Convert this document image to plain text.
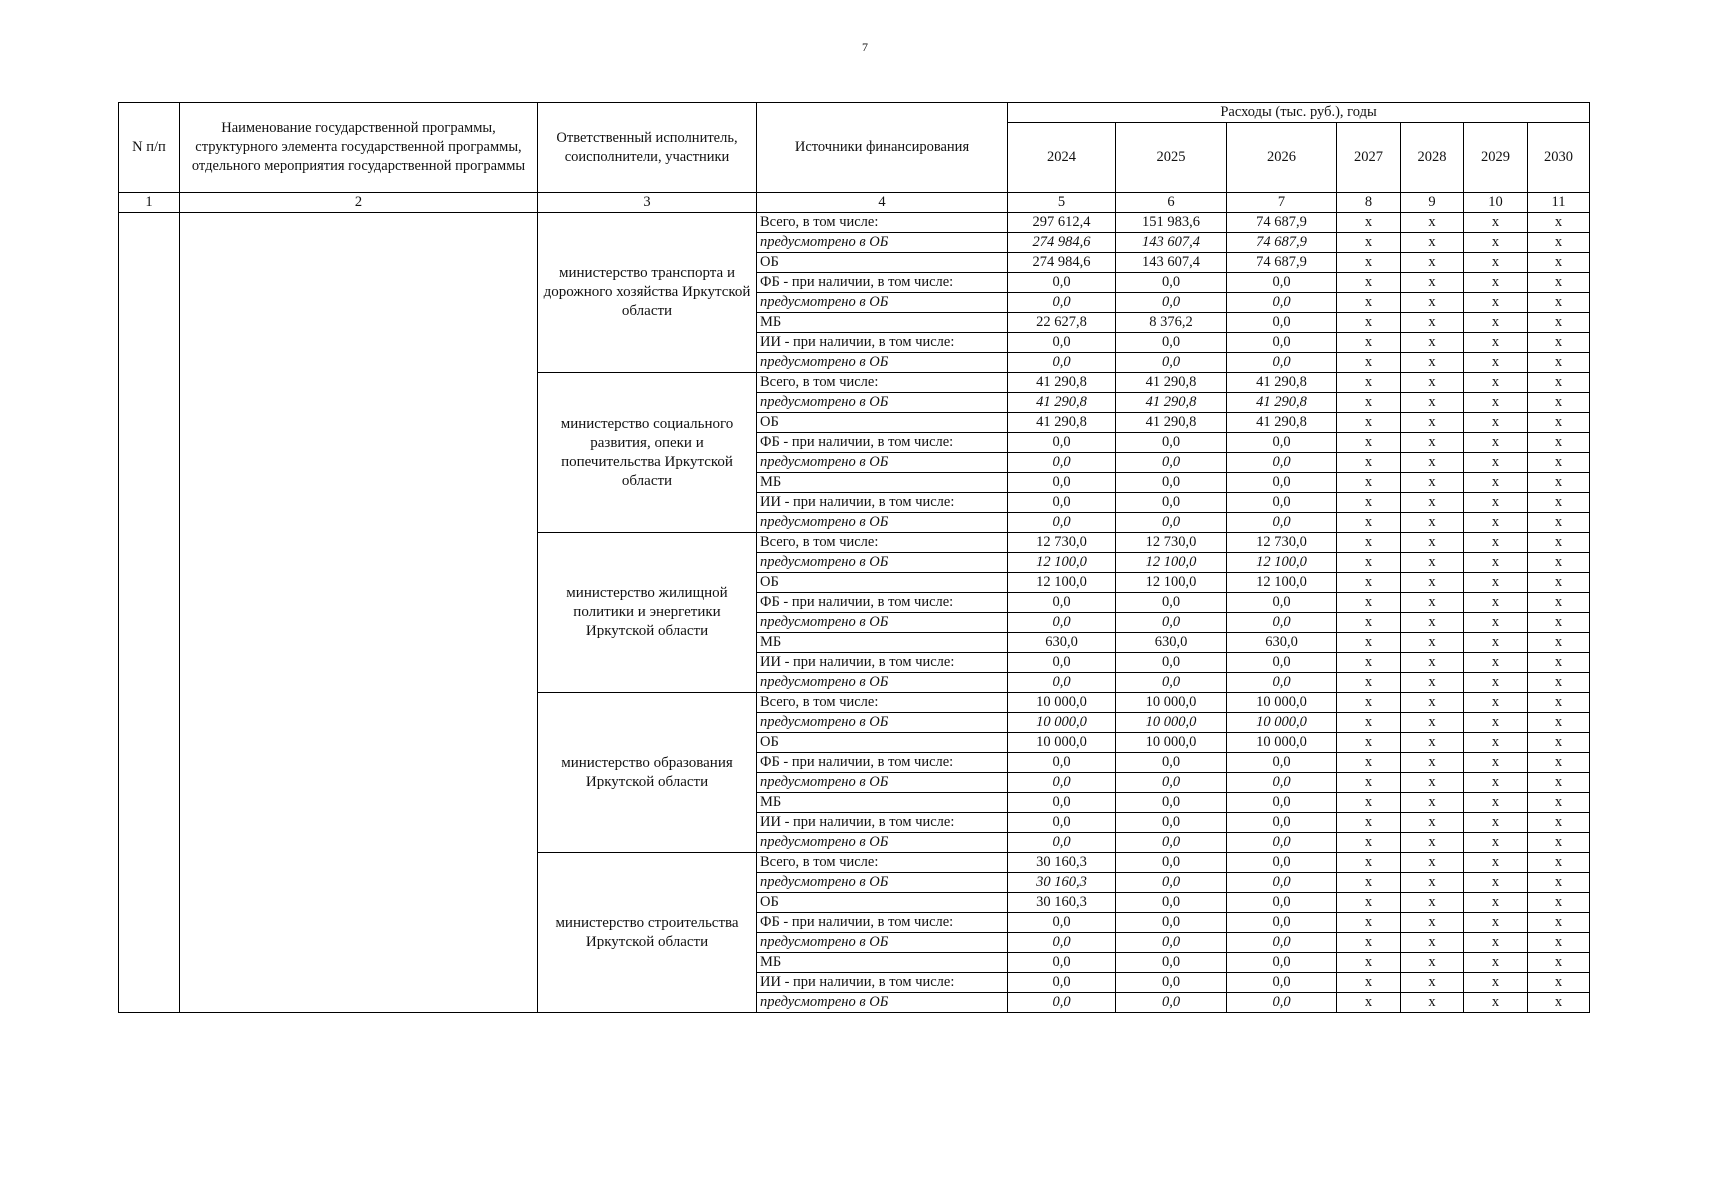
7
N п/п	Наименование государственной программы, структурного элемента государственной программы, отдельного мероприятия государственной программы	Ответственный исполнитель, соисполнители, участники	Источники финансирования	Расходы (тыс. руб.), годы						
				2024	2025	2026	2027	2028	2029	2030
1	2	3	4	5	6	7	8	9	10	11
		министерство транспорта и дорожного хозяйства Иркутской области	Всего, в том числе:	297 612,4	151 983,6	74 687,9	х	х	х	х
			предусмотрено в ОБ	274 984,6	143 607,4	74 687,9	х	х	х	х
			ОБ	274 984,6	143 607,4	74 687,9	х	х	х	х
			ФБ - при наличии, в том числе:	0,0	0,0	0,0	х	х	х	х
			предусмотрено в ОБ	0,0	0,0	0,0	х	х	х	х
			МБ	22 627,8	8 376,2	0,0	х	х	х	х
			ИИ - при наличии, в том числе:	0,0	0,0	0,0	х	х	х	х
			предусмотрено в ОБ	0,0	0,0	0,0	х	х	х	х
		министерство социального развития, опеки и попечительства Иркутской области	Всего, в том числе:	41 290,8	41 290,8	41 290,8	х	х	х	х
			предусмотрено в ОБ	41 290,8	41 290,8	41 290,8	х	х	х	х
			ОБ	41 290,8	41 290,8	41 290,8	х	х	х	х
			ФБ - при наличии, в том числе:	0,0	0,0	0,0	х	х	х	х
			предусмотрено в ОБ	0,0	0,0	0,0	х	х	х	х
			МБ	0,0	0,0	0,0	х	х	х	х
			ИИ - при наличии, в том числе:	0,0	0,0	0,0	х	х	х	х
			предусмотрено в ОБ	0,0	0,0	0,0	х	х	х	х
		министерство жилищной политики и энергетики Иркутской области	Всего, в том числе:	12 730,0	12 730,0	12 730,0	х	х	х	х
			предусмотрено в ОБ	12 100,0	12 100,0	12 100,0	х	х	х	х
			ОБ	12 100,0	12 100,0	12 100,0	х	х	х	х
			ФБ - при наличии, в том числе:	0,0	0,0	0,0	х	х	х	х
			предусмотрено в ОБ	0,0	0,0	0,0	х	х	х	х
			МБ	630,0	630,0	630,0	х	х	х	х
			ИИ - при наличии, в том числе:	0,0	0,0	0,0	х	х	х	х
			предусмотрено в ОБ	0,0	0,0	0,0	х	х	х	х
		министерство образования Иркутской области	Всего, в том числе:	10 000,0	10 000,0	10 000,0	х	х	х	х
			предусмотрено в ОБ	10 000,0	10 000,0	10 000,0	х	х	х	х
			ОБ	10 000,0	10 000,0	10 000,0	х	х	х	х
			ФБ - при наличии, в том числе:	0,0	0,0	0,0	х	х	х	х
			предусмотрено в ОБ	0,0	0,0	0,0	х	х	х	х
			МБ	0,0	0,0	0,0	х	х	х	х
			ИИ - при наличии, в том числе:	0,0	0,0	0,0	х	х	х	х
			предусмотрено в ОБ	0,0	0,0	0,0	х	х	х	х
		министерство строительства Иркутской области	Всего, в том числе:	30 160,3	0,0	0,0	х	х	х	х
			предусмотрено в ОБ	30 160,3	0,0	0,0	х	х	х	х
			ОБ	30 160,3	0,0	0,0	х	х	х	х
			ФБ - при наличии, в том числе:	0,0	0,0	0,0	х	х	х	х
			предусмотрено в ОБ	0,0	0,0	0,0	х	х	х	х
			МБ	0,0	0,0	0,0	х	х	х	х
			ИИ - при наличии, в том числе:	0,0	0,0	0,0	х	х	х	х
			предусмотрено в ОБ	0,0	0,0	0,0	х	х	х	х
